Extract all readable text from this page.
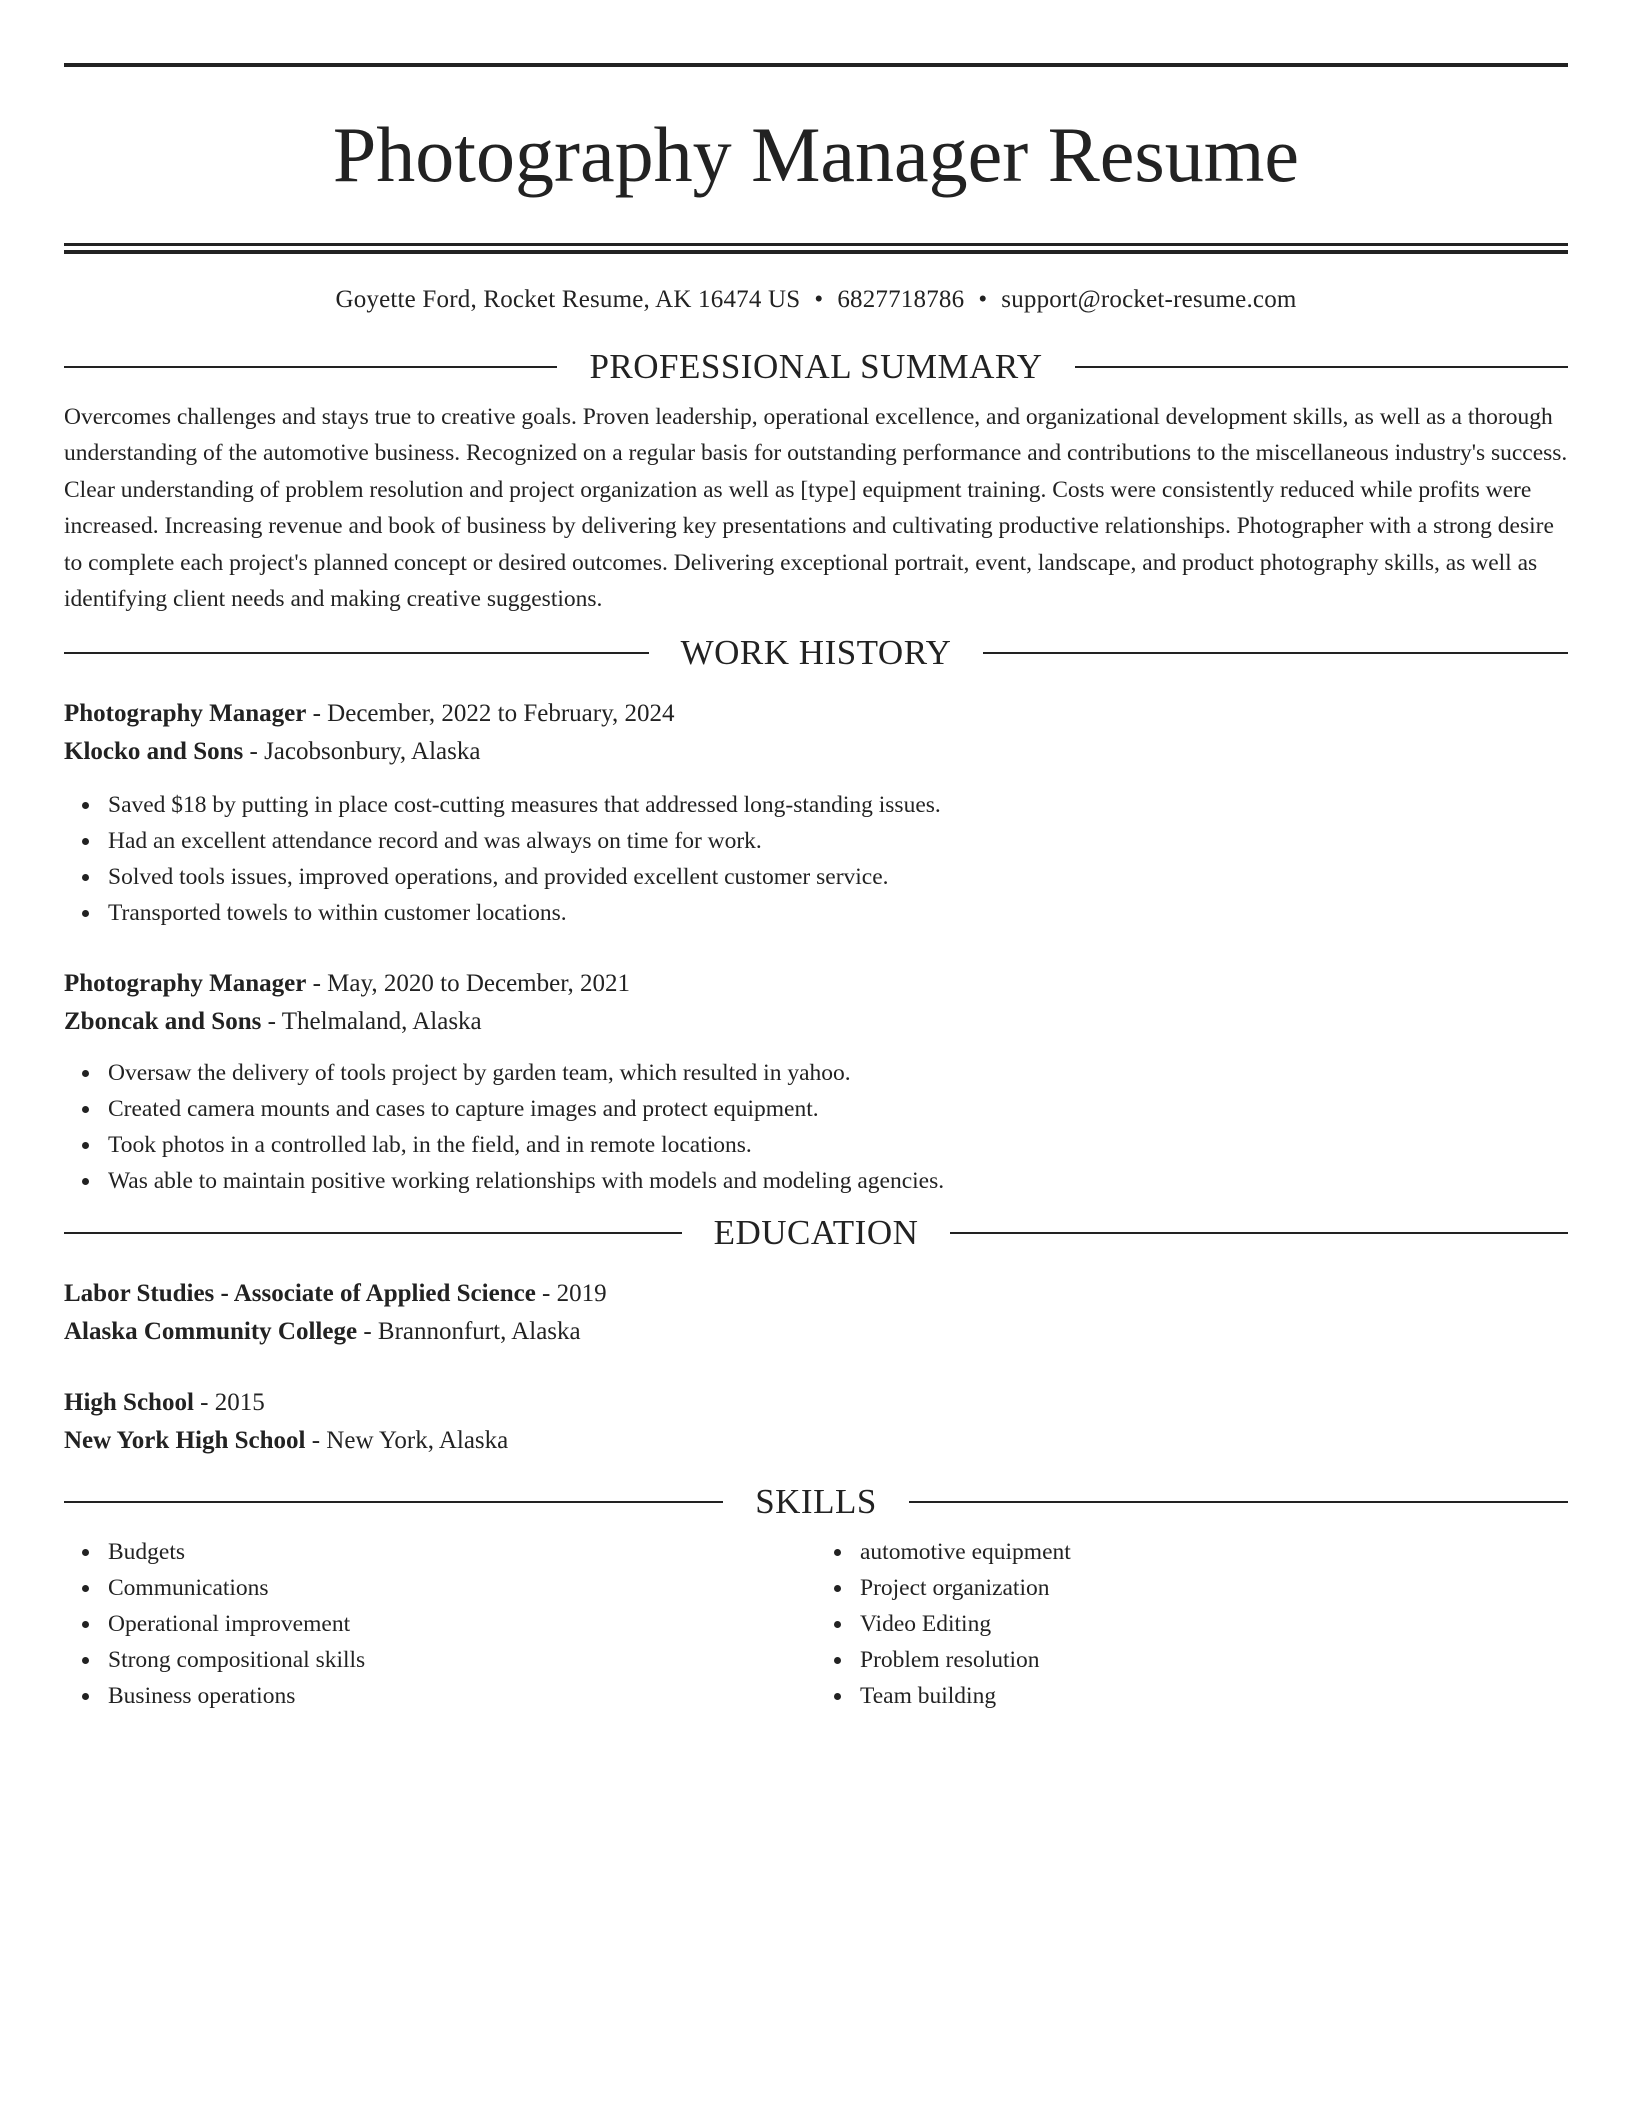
Photography Manager Resume
Goyette Ford, Rocket Resume, AK 16474 US • 6827718786 • support@rocket-resume.com
PROFESSIONAL SUMMARY

Overcomes challenges and stays true to creative goals. Proven leadership, operational excellence, and organizational development skills, as well as a thorough understanding of the automotive business. Recognized on a regular basis for outstanding performance and contributions to the miscellaneous industry's success. Clear understanding of problem resolution and project organization as well as [type] equipment training. Costs were consistently reduced while profits were increased. Increasing revenue and book of business by delivering key presentations and cultivating productive relationships. Photographer with a strong desire to complete each project's planned concept or desired outcomes. Delivering exceptional portrait, event, landscape, and product photography skills, as well as identifying client needs and making creative suggestions.

WORK HISTORY
Photography Manager - December, 2022 to February, 2024
Klocko and Sons - Jacobsonbury, Alaska
Saved $18 by putting in place cost-cutting measures that addressed long-standing issues.
Had an excellent attendance record and was always on time for work.
Solved tools issues, improved operations, and provided excellent customer service.
Transported towels to within customer locations.
Photography Manager - May, 2020 to December, 2021
Zboncak and Sons - Thelmaland, Alaska
Oversaw the delivery of tools project by garden team, which resulted in yahoo.
Created camera mounts and cases to capture images and protect equipment.
Took photos in a controlled lab, in the field, and in remote locations.
Was able to maintain positive working relationships with models and modeling agencies.
EDUCATION
Labor Studies - Associate of Applied Science - 2019
Alaska Community College - Brannonfurt, Alaska
High School - 2015
New York High School - New York, Alaska
SKILLS
Budgets
Communications
Operational improvement
Strong compositional skills
Business operations
automotive equipment
Project organization
Video Editing
Problem resolution
Team building
